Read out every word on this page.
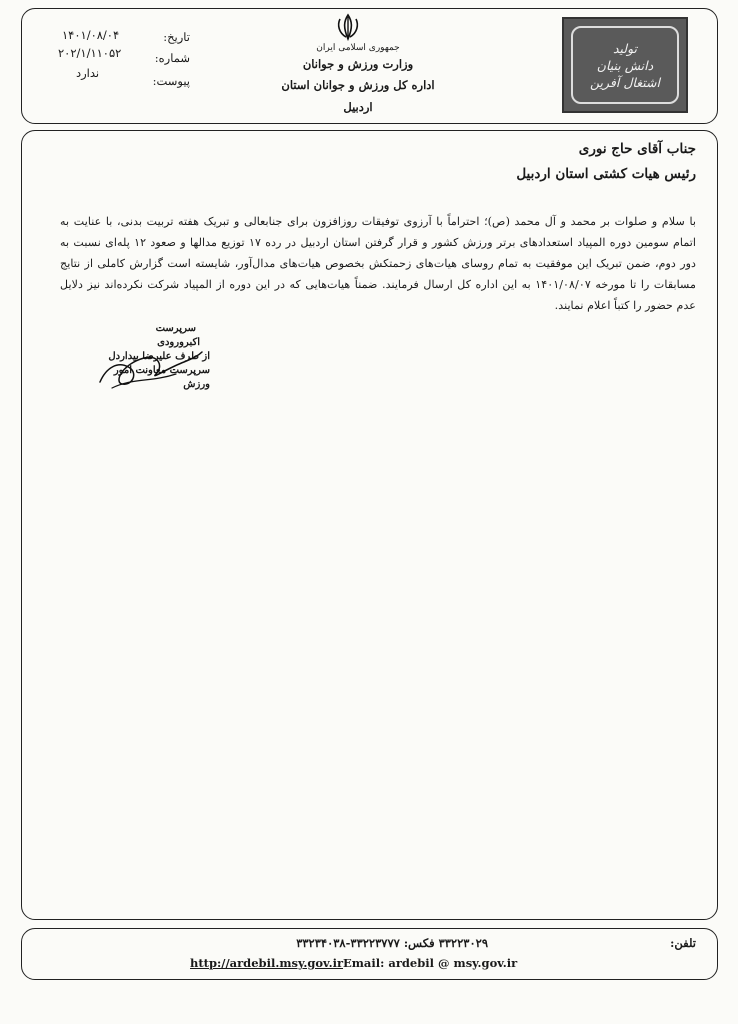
تولید
دانش بنیان
اشتغال آفرین
جمهوری اسلامی ایران
وزارت ورزش و جوانان
اداره کل ورزش و جوانان استان اردبیل
تاریخ:
۱۴۰۱/۰۸/۰۴
شماره:
۲۰۲/۱/۱۱۰۵۲
پیوست:
ندارد
جناب آقای حاج نوری
رئیس هیات کشتی استان اردبیل
با سلام و صلوات بر محمد و آل محمد (ص)؛ احتراماً با آرزوی توفیقات روزافزون برای جنابعالی و تبریک هفته تربیت بدنی، با عنایت به اتمام سومین دوره المپیاد استعدادهای برتر ورزش کشور و قرار گرفتن استان اردبیل در رده ۱۷ توزیع مدالها و صعود ۱۲ پله‌ای نسبت به دور دوم، ضمن تبریک این موفقیت به تمام روسای هیات‌های زحمتکش بخصوص هیات‌های مدال‌آور، شایسته است گزارش کاملی از نتایج مسابقات را تا مورخه ۱۴۰۱/۰۸/۰۷ به این اداره کل ارسال فرمایند. ضمناً هیات‌هایی که در این دوره از المپیاد شرکت نکرده‌اند نیز دلایل عدم حضور را کتباً اعلام نمایند.
سرپرست
اکبرورودی
از طرف علیرضا بیداردل
سرپرست معاونت امور ورزش
تلفن:
۳۳۲۲۳۰۲۹ فکس: ۳۳۲۲۳۷۷۷-۳۳۲۳۴۰۳۸
http://ardebil.msy.gov.irEmail: ardebil @ msy.gov.ir
